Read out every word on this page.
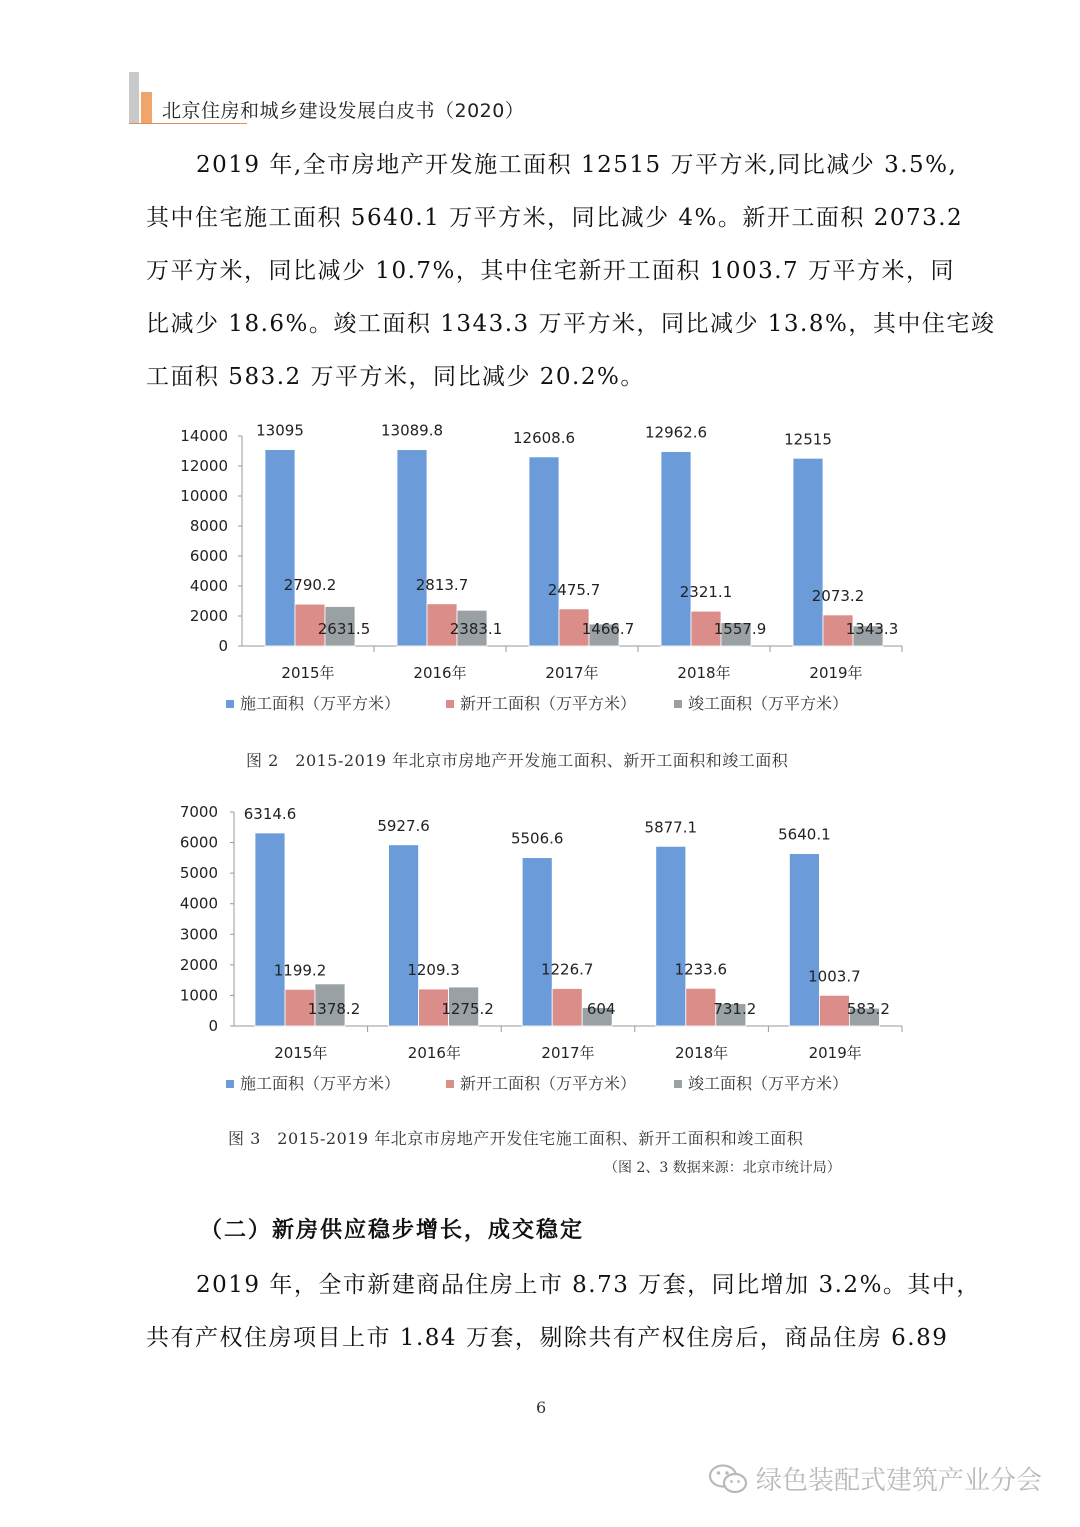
北京住房和城乡建设发展白皮书（2020）
2019 年,全市房地产开发施工面积 12515 万平方米,同比减少 3.5%,
其中住宅施工面积 5640.1 万平方米，同比减少 4%。新开工面积 2073.2
万平方米，同比减少 10.7%，其中住宅新开工面积 1003.7 万平方米，同
比减少 18.6%。竣工面积 1343.3 万平方米，同比减少 13.8%，其中住宅竣
工面积 583.2 万平方米，同比减少 20.2%。
0
2000
4000
6000
8000
10000
12000
14000
2015年	2016年	2017年	2018年	2019年
13095	13089.8	12608.6	12962.6	12515
2790.2	2813.7	2475.7	2321.1	2073.2
2631.5	2383.1	1466.7	1557.9	1343.3
施工面积（万平方米）	新开工面积（万平方米）	竣工面积（万平方米）
图 2　2015-2019 年北京市房地产开发施工面积、新开工面积和竣工面积
0
1000
2000
3000
4000
5000
6000
7000
2015年	2016年	2017年	2018年	2019年
6314.6
5927.6
5506.6
5877.1	5640.1
1199.2	1209.3	1226.7	1233.6	1003.7
1378.2	1275.2	604	731.2	583.2
施工面积（万平方米）	新开工面积（万平方米）	竣工面积（万平方米）
图 3　2015-2019 年北京市房地产开发住宅施工面积、新开工面积和竣工面积
（图 2、3 数据来源：北京市统计局）
（二）新房供应稳步增长，成交稳定
2019 年，全市新建商品住房上市 8.73 万套，同比增加 3.2%。其中，
共有产权住房项目上市 1.84 万套，剔除共有产权住房后，商品住房 6.89
6
绿色装配式建筑产业分会
